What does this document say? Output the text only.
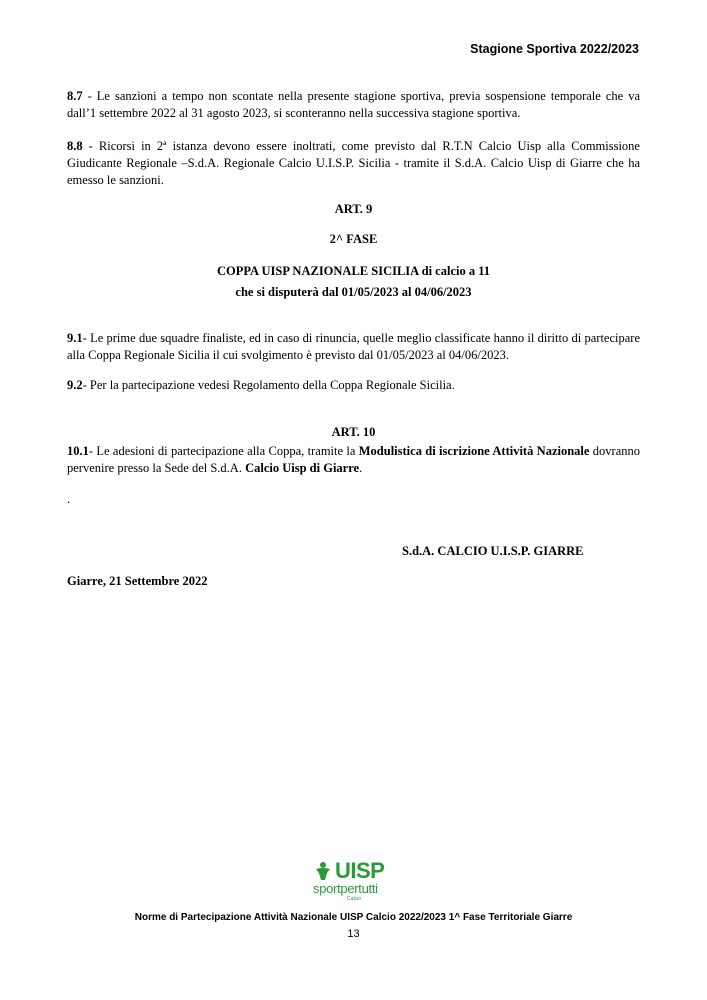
Stagione Sportiva 2022/2023
8.7 - Le sanzioni a tempo non scontate nella presente stagione sportiva, previa sospensione temporale che va dall’1 settembre 2022 al 31 agosto 2023, si sconteranno nella successiva stagione sportiva.
8.8 - Ricorsi in 2ª istanza devono essere inoltrati, come previsto dal R.T.N Calcio Uisp alla Commissione Giudicante Regionale –S.d.A. Regionale Calcio U.I.S.P. Sicilia - tramite il S.d.A. Calcio Uisp di Giarre che ha emesso le sanzioni.
ART. 9
2^ FASE
COPPA UISP NAZIONALE SICILIA di calcio a 11
che si disputerà dal 01/05/2023 al 04/06/2023
9.1- Le prime due squadre finaliste, ed in caso di rinuncia, quelle meglio classificate hanno il diritto di partecipare alla Coppa Regionale Sicilia il cui svolgimento è previsto dal 01/05/2023 al 04/06/2023.
9.2- Per la partecipazione vedesi Regolamento della Coppa Regionale Sicilia.
ART. 10
10.1- Le adesioni di partecipazione alla Coppa, tramite la Modulistica di iscrizione Attività Nazionale dovranno pervenire presso la Sede del S.d.A. Calcio Uisp di Giarre.
.
S.d.A. CALCIO U.I.S.P. GIARRE
Giarre, 21 Settembre 2022
UISP
sportpertutti
Calcio
Norme di Partecipazione Attività Nazionale UISP Calcio 2022/2023 1^ Fase Territoriale Giarre
13
